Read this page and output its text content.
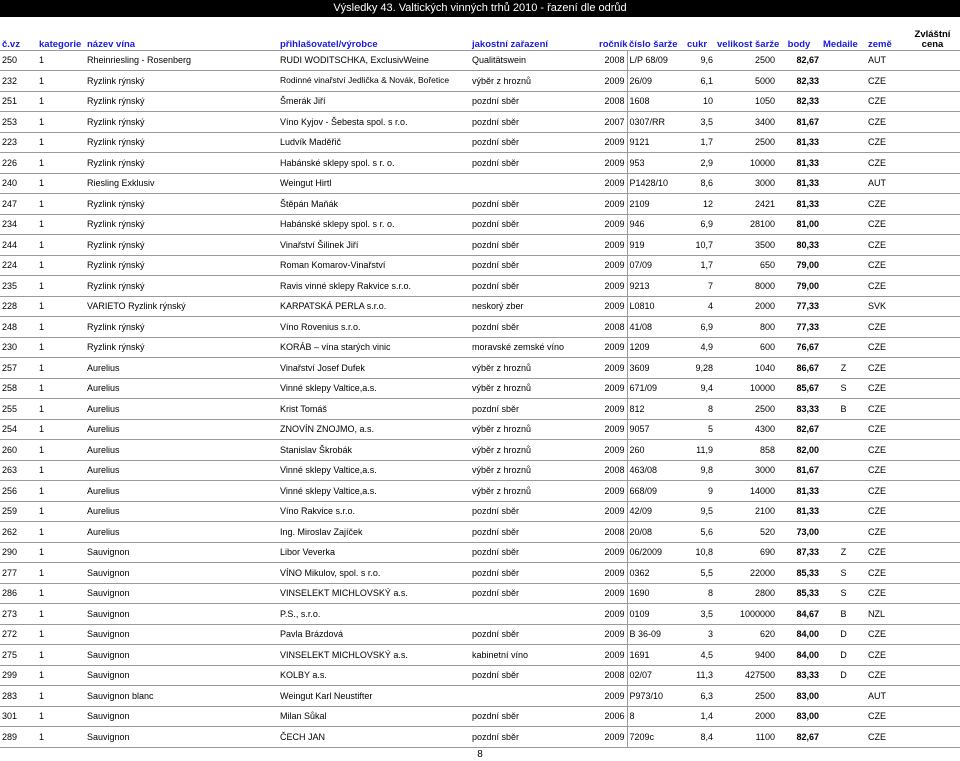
Výsledky 43. Valtických vinných trhů 2010 - řazení dle odrůd
č.vz	kategorie	název vína	přihlašovatel/výrobce	jakostní zařazení	ročník	číslo šarže	cukr	velikost šarže	body	Medaile	země	Zvláštní
cena

250	1	Rheinriesling - Rosenberg	RUDI WODITSCHKA, ExclusivWeine	Qualitätswein	2008	L/P 68/09	9,6	2500	82,67		AUT	
232	1	Ryzlink rýnský	Rodinné vinařství Jedlička & Novák, Bořetice	výběr z hroznů	2009	26/09	6,1	5000	82,33		CZE	
251	1	Ryzlink rýnský	Šmerák Jiří	pozdní sběr	2008	1608	10	1050	82,33		CZE	
253	1	Ryzlink rýnský	Víno Kyjov - Šebesta spol. s r.o.	pozdní sběr	2007	0307/RR	3,5	3400	81,67		CZE	
223	1	Ryzlink rýnský	Ludvík Maděřič	pozdní sběr	2009	9121	1,7	2500	81,33		CZE	
226	1	Ryzlink rýnský	Habánské sklepy spol. s r. o.	pozdní sběr	2009	953	2,9	10000	81,33		CZE	
240	1	Riesling Exklusiv	Weingut Hirtl		2009	P1428/10	8,6	3000	81,33		AUT	
247	1	Ryzlink rýnský	Štěpán Maňák	pozdní sběr	2009	2109	12	2421	81,33		CZE	
234	1	Ryzlink rýnský	Habánské sklepy spol. s r. o.	pozdní sběr	2009	946	6,9	28100	81,00		CZE	
244	1	Ryzlink rýnský	Vinařství Šilinek Jiří	pozdní sběr	2009	919	10,7	3500	80,33		CZE	
224	1	Ryzlink rýnský	Roman Komarov-Vinařství	pozdní sběr	2009	07/09	1,7	650	79,00		CZE	
235	1	Ryzlink rýnský	Ravis vinné sklepy Rakvice s.r.o.	pozdní sběr	2009	9213	7	8000	79,00		CZE	
228	1	VARIETO Ryzlink rýnský	KARPATSKÁ PERLA s.r.o.	neskorý zber	2009	L0810	4	2000	77,33		SVK	
248	1	Ryzlink rýnský	Víno Rovenius s.r.o.	pozdní sběr	2008	41/08	6,9	800	77,33		CZE	
230	1	Ryzlink rýnský	KORÁB – vína starých vinic	moravské zemské víno	2009	1209	4,9	600	76,67		CZE	
257	1	Aurelius	Vinařství Josef Dufek	výběr z hroznů	2009	3609	9,28	1040	86,67	Z	CZE	
258	1	Aurelius	Vinné sklepy Valtice,a.s.	výběr z hroznů	2009	671/09	9,4	10000	85,67	S	CZE	
255	1	Aurelius	Krist Tomáš	pozdní sběr	2009	812	8	2500	83,33	B	CZE	
254	1	Aurelius	ZNOVÍN ZNOJMO, a.s.	výběr z hroznů	2009	9057	5	4300	82,67		CZE	
260	1	Aurelius	Stanislav Škrobák	výběr z hroznů	2009	260	11,9	858	82,00		CZE	
263	1	Aurelius	Vinné sklepy Valtice,a.s.	výběr z hroznů	2008	463/08	9,8	3000	81,67		CZE	
256	1	Aurelius	Vinné sklepy Valtice,a.s.	výběr z hroznů	2009	668/09	9	14000	81,33		CZE	
259	1	Aurelius	Víno Rakvice s.r.o.	pozdní sběr	2009	42/09	9,5	2100	81,33		CZE	
262	1	Aurelius	Ing. Miroslav Zajíček	pozdní sběr	2008	20/08	5,6	520	73,00		CZE	
290	1	Sauvignon	Libor Veverka	pozdní sběr	2009	06/2009	10,8	690	87,33	Z	CZE	
277	1	Sauvignon	VÍNO Mikulov, spol. s r.o.	pozdní sběr	2009	0362	5,5	22000	85,33	S	CZE	
286	1	Sauvignon	VINSELEKT MICHLOVSKÝ a.s.	pozdní sběr	2009	1690	8	2800	85,33	S	CZE	
273	1	Sauvignon	P.S., s.r.o.		2009	0109	3,5	1000000	84,67	B	NZL	
272	1	Sauvignon	Pavla Brázdová	pozdní sběr	2009	B 36-09	3	620	84,00	D	CZE	
275	1	Sauvignon	VINSELEKT MICHLOVSKÝ a.s.	kabinetní víno	2009	1691	4,5	9400	84,00	D	CZE	
299	1	Sauvignon	KOLBY a.s.	pozdní sběr	2008	02/07	11,3	427500	83,33	D	CZE	
283	1	Sauvignon blanc	Weingut Karl Neustifter		2009	P973/10	6,3	2500	83,00		AUT	
301	1	Sauvignon	Milan Sůkal	pozdní sběr	2006	8	1,4	2000	83,00		CZE	
289	1	Sauvignon	ČECH JAN	pozdní sběr	2009	7209c	8,4	1100	82,67		CZE	
8
